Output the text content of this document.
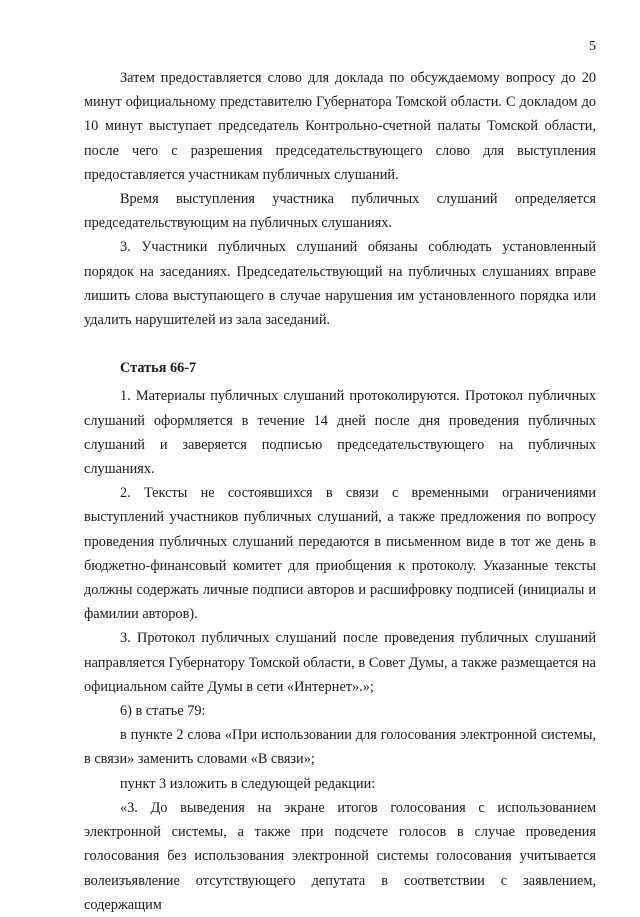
5

Затем предоставляется слово для доклада по обсуждаемому вопросу до 20 минут официальному представителю Губернатора Томской области. С докладом до 10 минут выступает председатель Контрольно-счетной палаты Томской области, после чего с разрешения председательствующего слово для выступления предоставляется участникам публичных слушаний.

Время выступления участника публичных слушаний определяется председательствующим на публичных слушаниях.

3. Участники публичных слушаний обязаны соблюдать установленный порядок на заседаниях. Председательствующий на публичных слушаниях вправе лишить слова выступающего в случае нарушения им установленного порядка или удалить нарушителей из зала заседаний.

Статья 66-7

1. Материалы публичных слушаний протоколируются. Протокол публичных слушаний оформляется в течение 14 дней после дня проведения публичных слушаний и заверяется подписью председательствующего на публичных слушаниях.

2. Тексты не состоявшихся в связи с временными ограничениями выступлений участников публичных слушаний, а также предложения по вопросу проведения публичных слушаний передаются в письменном виде в тот же день в бюджетно-финансовый комитет для приобщения к протоколу. Указанные тексты должны содержать личные подписи авторов и расшифровку подписей (инициалы и фамилии авторов).

3. Протокол публичных слушаний после проведения публичных слушаний направляется Губернатору Томской области, в Совет Думы, а также размещается на официальном сайте Думы в сети «Интернет».»;

6) в статье 79:

в пункте 2 слова «При использовании для голосования электронной системы, в связи» заменить словами «В связи»;

пункт 3 изложить в следующей редакции:

«3. До выведения на экране итогов голосования с использованием электронной системы, а также при подсчете голосов в случае проведения голосования без использования электронной системы голосования учитывается волеизъявление отсутствующего депутата в соответствии с заявлением, содержащим
